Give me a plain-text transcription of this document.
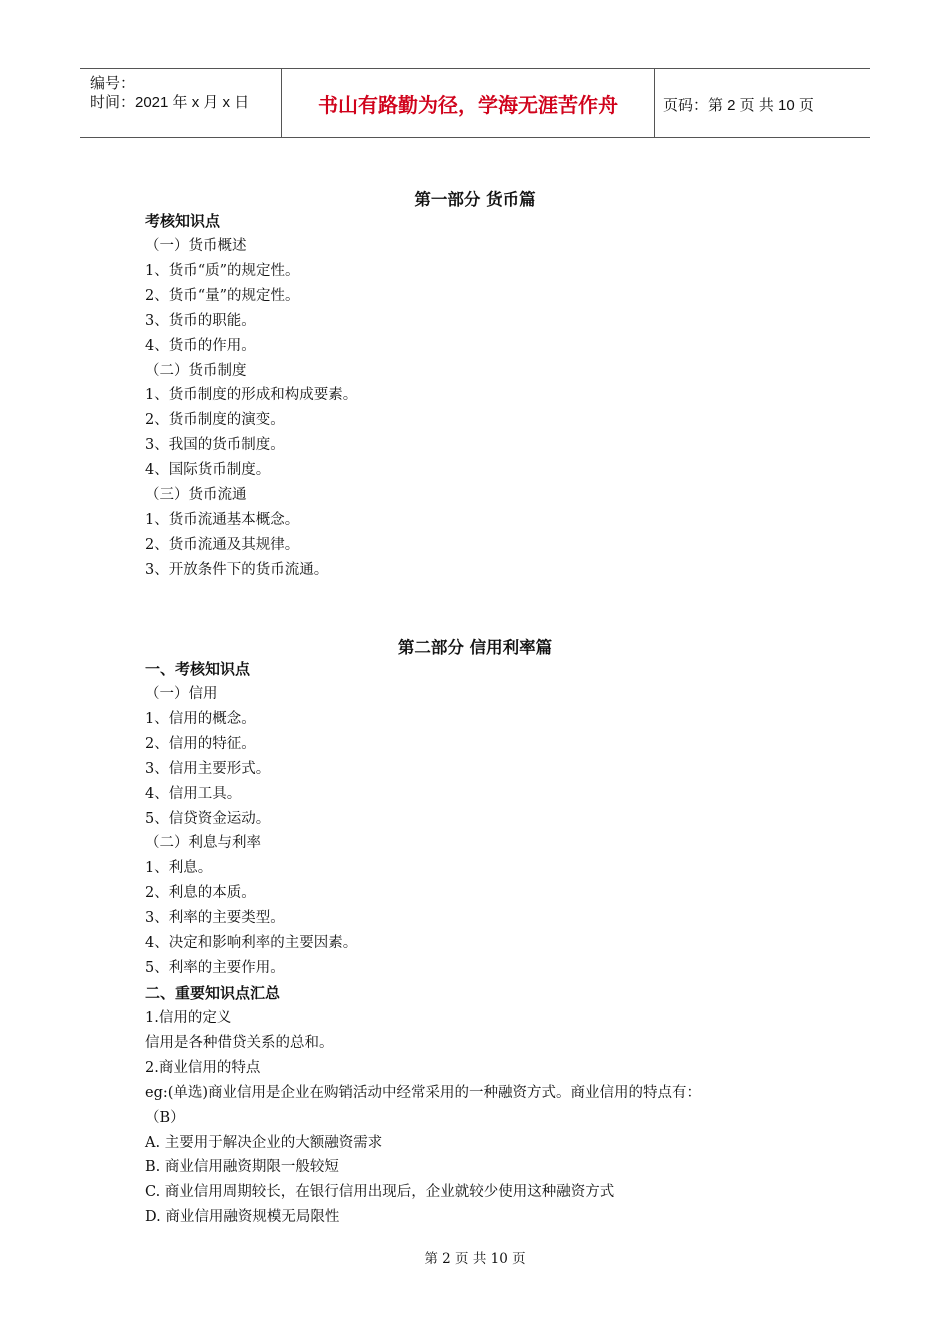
编号：
时间：2021 年 x 月 x 日	书山有路勤为径，学海无涯苦作舟	页码：第 2 页 共 10 页
第一部分 货币篇
考核知识点
（一）货币概述
1、货币“质”的规定性。
2、货币“量”的规定性。
3、货币的职能。
4、货币的作用。
（二）货币制度
1、货币制度的形成和构成要素。
2、货币制度的演变。
3、我国的货币制度。
4、国际货币制度。
（三）货币流通
1、货币流通基本概念。
2、货币流通及其规律。
3、开放条件下的货币流通。
第二部分 信用利率篇
一、考核知识点
（一）信用
1、信用的概念。
2、信用的特征。
3、信用主要形式。
4、信用工具。
5、信贷资金运动。
（二）利息与利率
1、利息。
2、利息的本质。
3、利率的主要类型。
4、决定和影响利率的主要因素。
5、利率的主要作用。
二、重要知识点汇总
1.信用的定义
信用是各种借贷关系的总和。
2.商业信用的特点
eg:(单选)商业信用是企业在购销活动中经常采用的一种融资方式。商业信用的特点有：
（B）
A. 主要用于解决企业的大额融资需求
B. 商业信用融资期限一般较短
C. 商业信用周期较长，在银行信用出现后，企业就较少使用这种融资方式
D. 商业信用融资规模无局限性
第 2 页 共 10 页
